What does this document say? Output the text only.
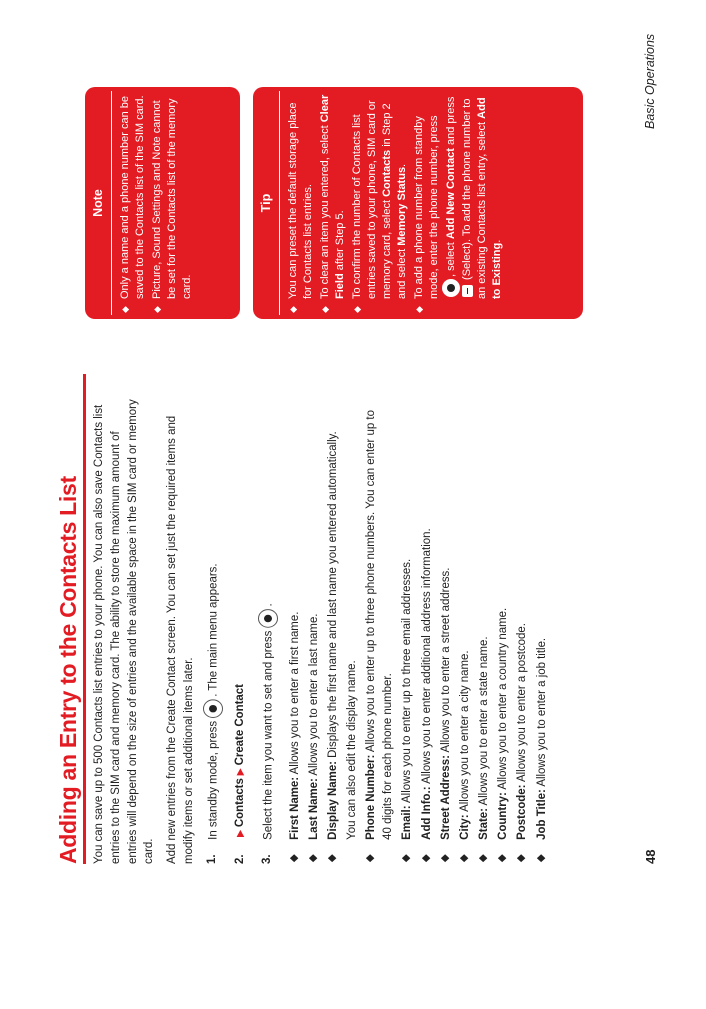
Adding an Entry to the Contacts List You can save up to 500 Contacts list entries to your phone. You can also save Contacts list entries to the SIM card and memory card. The ability to store the maximum amount of entries will depend on the size of entries and the available space in the SIM card or memory card. Add new entries from the Create Contact screen. You can set just the required items and modify items or set additional items later. 1.
In standby mode, press. The main menu appears.
2.
▶Contacts▶Create Contact
3.
Select the item you want to set and press.
◆
First Name: Allows you to enter a first name.
◆
Last Name: Allows you to enter a last name.
◆
Display Name: Displays the first name and last name you entered automatically. You can also edit the display name.
◆
Phone Number: Allows you to enter up to three phone numbers. You can enter up to 40 digits for each phone number.
◆
Email: Allows you to enter up to three email addresses.
◆
Add Info.: Allows you to enter additional address information.
◆
Street Address: Allows you to enter a street address.
◆
City: Allows you to enter a city name.
◆
State: Allows you to enter a state name.
◆
Country: Allows you to enter a country name.
◆
Postcode: Allows you to enter a postcode.
◆
Job Title: Allows you to enter a job title.
48
Basic Operations
Note
◆
Only a name and a phone number can be saved to the Contacts list of the SIM card.
◆
Picture, Sound Settings and Note cannot be set for the Contacts list of the memory card.
Tip
◆
You can preset the default storage place for Contacts list entries.
◆
To clear an item you entered, select Clear Field after Step 5.
◆
To confirm the number of Contacts list entries saved to your phone, SIM card or memory card, select Contacts in Step 2 and select Memory Status.
◆
To add a phone number from standby mode, enter the phone number, press , select Add New Contact and press  (Select). To add the phone number to an existing Contacts list entry, select Add to Existing.
